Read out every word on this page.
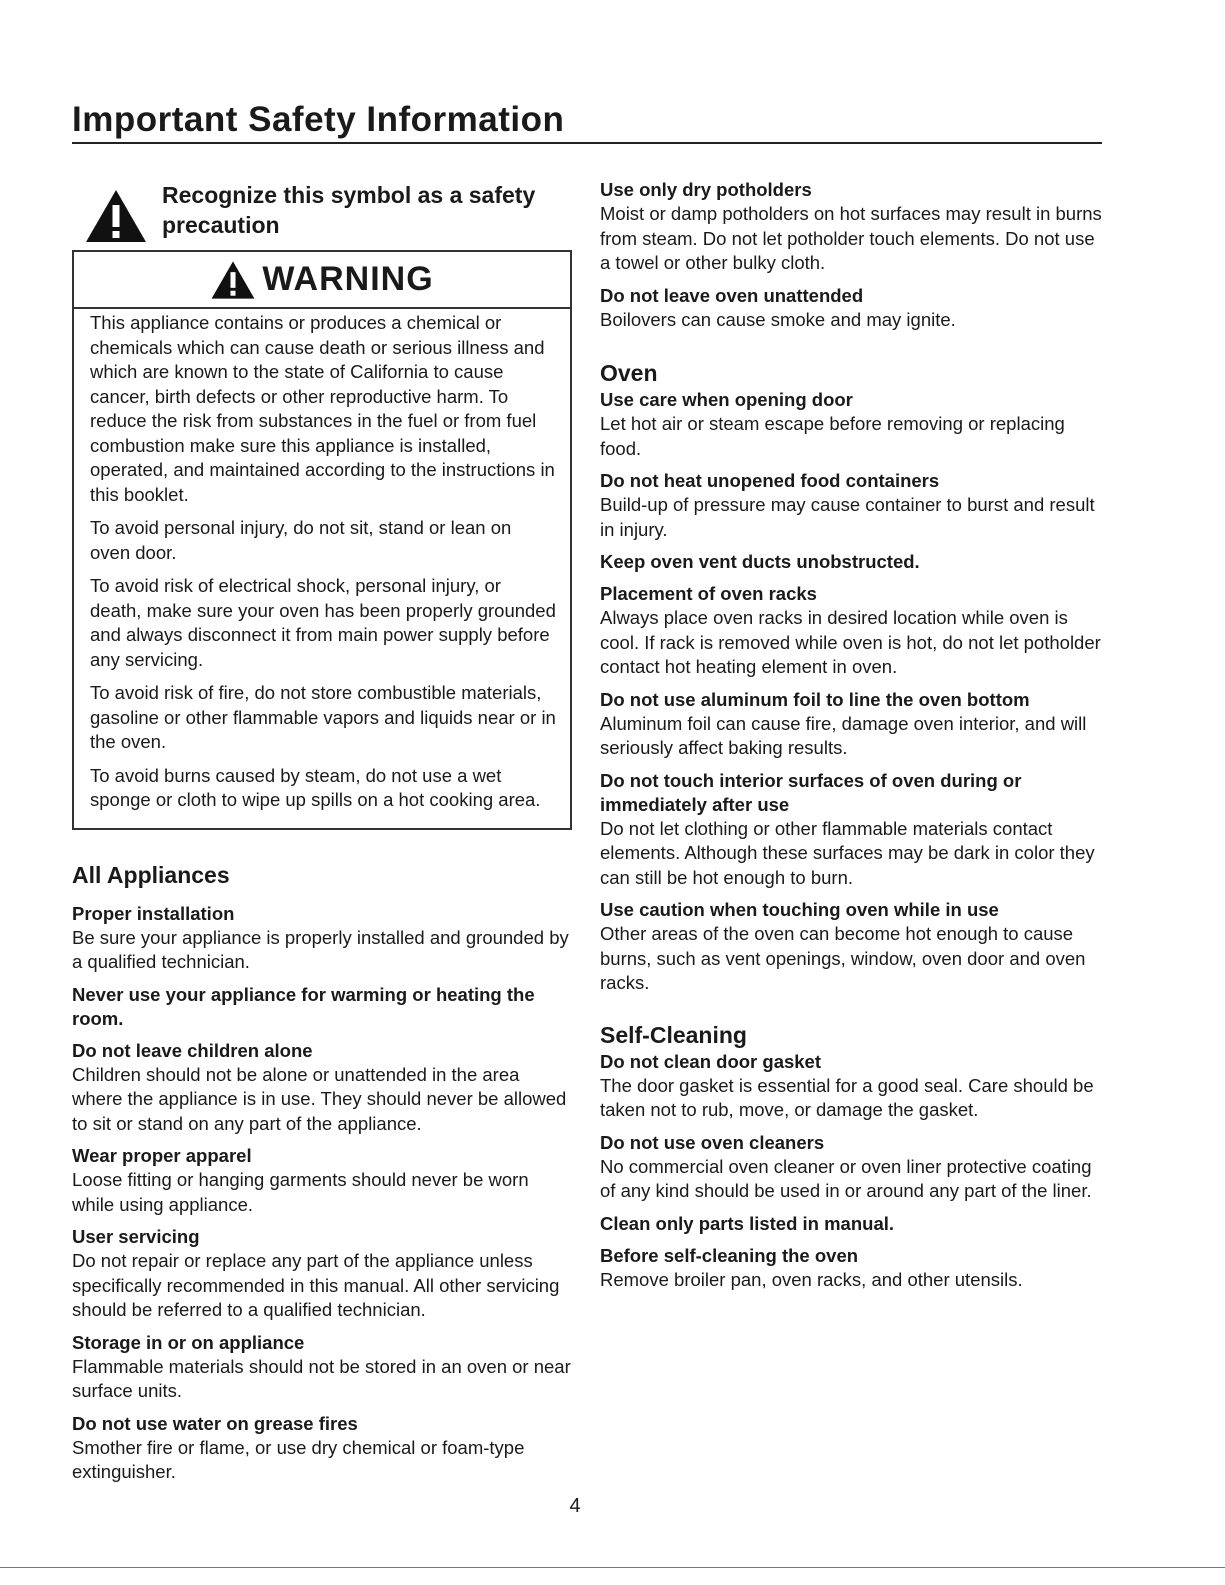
Important Safety Information
Recognize this symbol as a safety precaution
WARNING

This appliance contains or produces a chemical or chemicals which can cause death or serious illness and which are known to the state of California to cause cancer, birth defects or other reproductive harm. To reduce the risk from substances in the fuel or from fuel combustion make sure this appliance is installed, operated, and maintained according to the instructions in this booklet.

To avoid personal injury, do not sit, stand or lean on oven door.

To avoid risk of electrical shock, personal injury, or death, make sure your oven has been properly grounded and always disconnect it from main power supply before any servicing.

To avoid risk of fire, do not store combustible materials, gasoline or other flammable vapors and liquids near or in the oven.

To avoid burns caused by steam, do not use a wet sponge or cloth to wipe up spills on a hot cooking area.

All Appliances

Proper installation

Be sure your appliance is properly installed and grounded by a qualified technician.

Never use your appliance for warming or heating the room.

Do not leave children alone

Children should not be alone or unattended in the area where the appliance is in use. They should never be allowed to sit or stand on any part of the appliance.

Wear proper apparel

Loose fitting or hanging garments should never be worn while using appliance.

User servicing

Do not repair or replace any part of the appliance unless specifically recommended in this manual. All other servicing should be referred to a qualified technician.

Storage in or on appliance

Flammable materials should not be stored in an oven or near surface units.

Do not use water on grease fires

Smother fire or flame, or use dry chemical or foam-type extinguisher.

Use only dry potholders

Moist or damp potholders on hot surfaces may result in burns from steam. Do not let potholder touch elements. Do not use a towel or other bulky cloth.

Do not leave oven unattended

Boilovers can cause smoke and may ignite.

Oven

Use care when opening door

Let hot air or steam escape before removing or replacing food.

Do not heat unopened food containers

Build-up of pressure may cause container to burst and result in injury.

Keep oven vent ducts unobstructed.

Placement of oven racks

Always place oven racks in desired location while oven is cool. If rack is removed while oven is hot, do not let potholder contact hot heating element in oven.

Do not use aluminum foil to line the oven bottom

Aluminum foil can cause fire, damage oven interior, and will seriously affect baking results.

Do not touch interior surfaces of oven during or immediately after use

Do not let clothing or other flammable materials contact elements. Although these surfaces may be dark in color they can still be hot enough to burn.

Use caution when touching oven while in use

Other areas of the oven can become hot enough to cause burns, such as vent openings, window, oven door and oven racks.

Self-Cleaning

Do not clean door gasket

The door gasket is essential for a good seal. Care should be taken not to rub, move, or damage the gasket.

Do not use oven cleaners

No commercial oven cleaner or oven liner protective coating of any kind should be used in or around any part of the liner.

Clean only parts listed in manual.

Before self-cleaning the oven

Remove broiler pan, oven racks, and other utensils.

4
